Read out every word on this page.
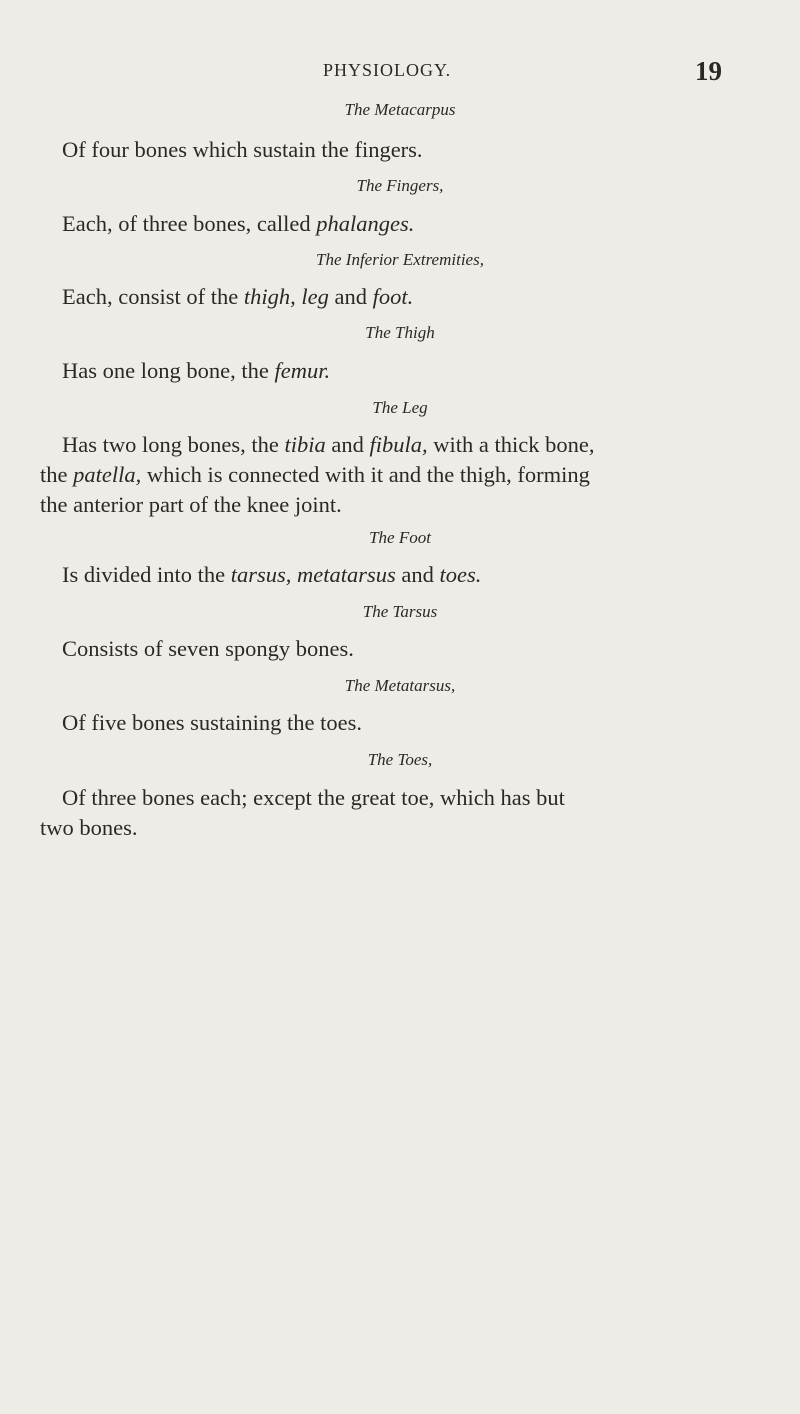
PHYSIOLOGY.	19
The Metacarpus
Of four bones which sustain the fingers.
The Fingers,
Each, of three bones, called phalanges.
The Inferior Extremities,
Each, consist of the thigh, leg and foot.
The Thigh
Has one long bone, the femur.
The Leg
Has two long bones, the tibia and fibula, with a thick bone,
the patella, which is connected with it and the thigh, forming
the anterior part of the knee joint.
The Foot
Is divided into the tarsus, metatarsus and toes.
The Tarsus
Consists of seven spongy bones.
The Metatarsus,
Of five bones sustaining the toes.
The Toes,
Of three bones each; except the great toe, which has but
two bones.
